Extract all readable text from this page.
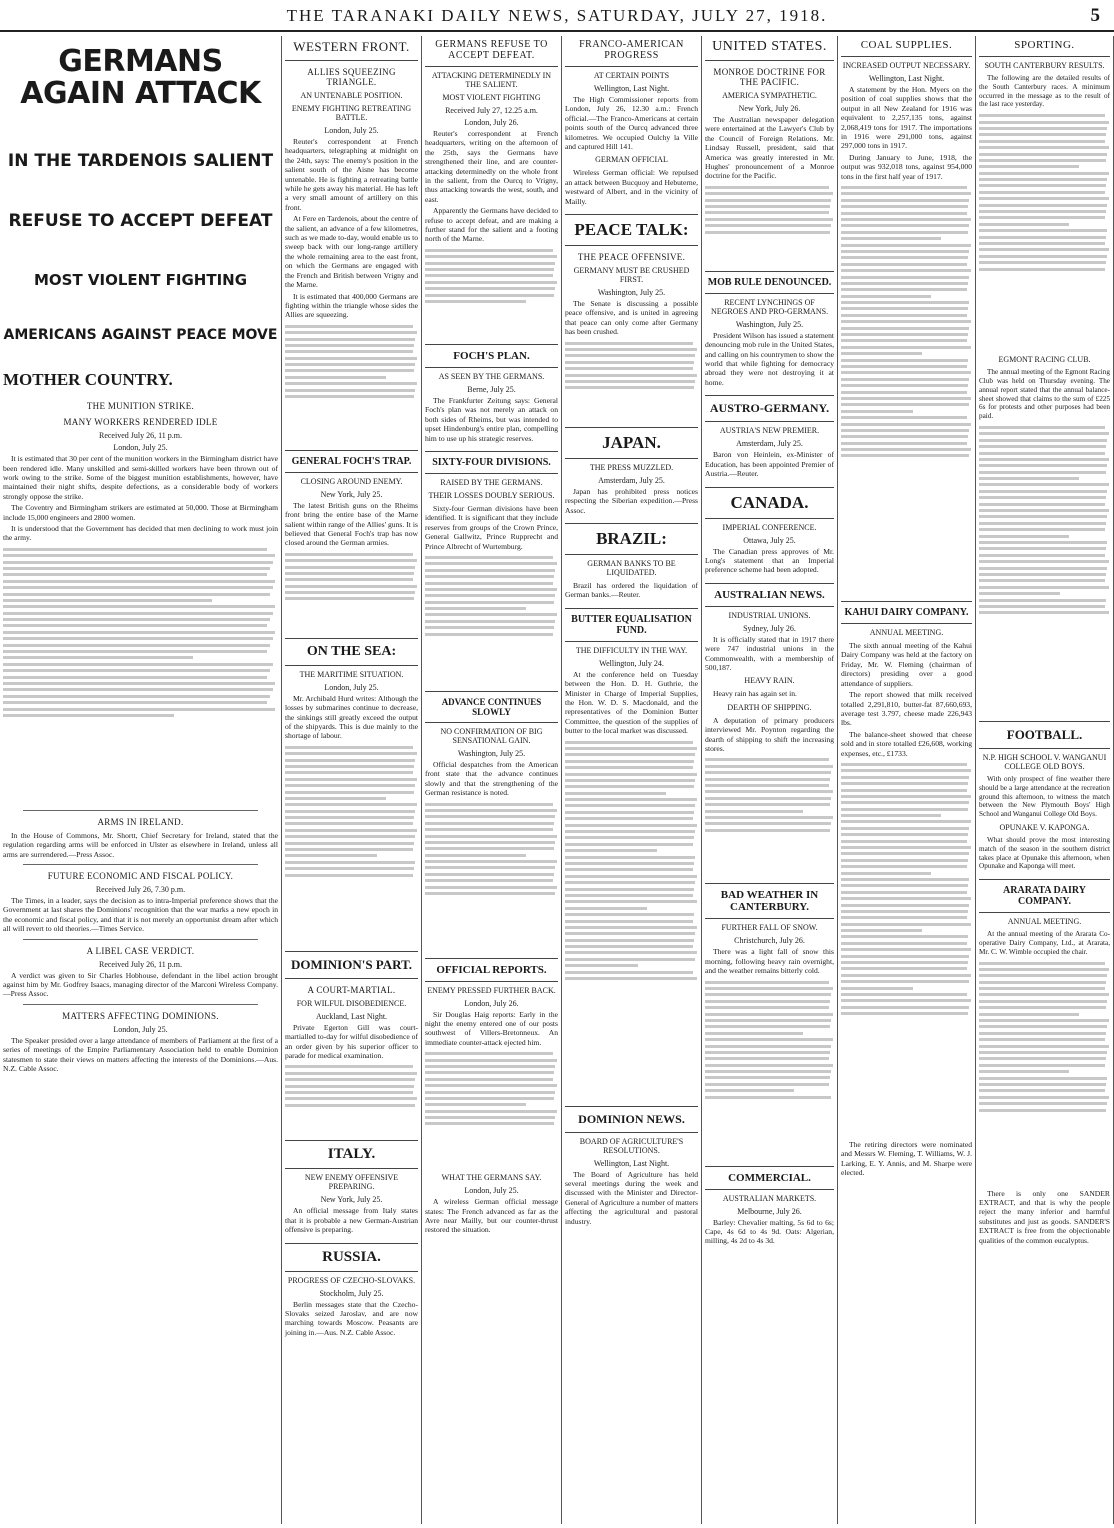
THE TARANAKI DAILY NEWS, SATURDAY, JULY 27, 1918.	5
GERMANS AGAIN ATTACK
IN THE TARDENOIS SALIENT
REFUSE TO ACCEPT DEFEAT
MOST VIOLENT FIGHTING
AMERICANS AGAINST PEACE MOVE
MOTHER COUNTRY.
THE MUNITION STRIKE.
MANY WORKERS RENDERED IDLE
Received July 26, 11 p.m.
London, July 25.

It is estimated that 30 per cent of the munition workers in the Birmingham district have been rendered idle. Many unskilled and semi-skilled workers have been thrown out of work owing to the strike. Some of the biggest munition establishments, however, have maintained their night shifts, despite defections, as a considerable body of workers strongly oppose the strike.

The Coventry and Birmingham strikers are estimated at 50,000. Those at Birmingham include 15,000 engineers and 2800 women.

It is understood that the Government has decided that men declining to work must join the army.

ARMS IN IRELAND.

In the House of Commons, Mr. Shortt, Chief Secretary for Ireland, stated that the regulation regarding arms will be enforced in Ulster as elsewhere in Ireland, unless all arms are surrendered.—Press Assoc.

FUTURE ECONOMIC AND FISCAL POLICY.
Received July 26, 7.30 p.m.

The Times, in a leader, says the decision as to intra-Imperial preference shows that the Government at last shares the Dominions' recognition that the war marks a new epoch in the economic and fiscal policy, and that it is not merely an opportunist dream after which all will revert to old theories.—Times Service.

A LIBEL CASE VERDICT.
Received July 26, 11 p.m.

A verdict was given to Sir Charles Hobhouse, defendant in the libel action brought against him by Mr. Godfrey Isaacs, managing director of the Marconi Wireless Company.—Press Assoc.

MATTERS AFFECTING DOMINIONS.
London, July 25.

The Speaker presided over a large attendance of members of Parliament at the first of a series of meetings of the Empire Parliamentary Association held to enable Dominion statesmen to state their views on matters affecting the interests of the Dominions.—Aus. N.Z. Cable Assoc.

WESTERN FRONT.
ALLIES SQUEEZING TRIANGLE.
AN UNTENABLE POSITION.
ENEMY FIGHTING RETREATING BATTLE.
London, July 25.

Reuter's correspondent at French headquarters, telegraphing at midnight on the 24th, says: The enemy's position in the salient south of the Aisne has become untenable. He is fighting a retreating battle while he gets away his material. He has left a very small amount of artillery on this front.

At Fere en Tardenois, about the centre of the salient, an advance of a few kilometres, such as we made to-day, would enable us to sweep back with our long-range artillery the whole remaining area to the east front, on which the Germans are engaged with the French and British between Vrigny and the Marne.

It is estimated that 400,000 Germans are fighting within the triangle whose sides the Allies are squeezing.

GENERAL FOCH'S TRAP.
CLOSING AROUND ENEMY.
New York, July 25.

The latest British guns on the Rheims front bring the entire base of the Marne salient within range of the Allies' guns. It is believed that General Foch's trap has now closed around the German armies.

ON THE SEA:
THE MARITIME SITUATION.
London, July 25.

Mr. Archibald Hurd writes: Although the losses by submarines continue to decrease, the sinkings still greatly exceed the output of the shipyards. This is due mainly to the shortage of labour.

DOMINION'S PART.
A COURT-MARTIAL.
FOR WILFUL DISOBEDIENCE.
Auckland, Last Night.

Private Egerton Gill was court-martialled to-day for wilful disobedience of an order given by his superior officer to parade for medical examination.

ITALY.
NEW ENEMY OFFENSIVE PREPARING.
New York, July 25.

An official message from Italy states that it is probable a new German-Austrian offensive is preparing.

RUSSIA.
PROGRESS OF CZECHO-SLOVAKS.
Stockholm, July 25.

Berlin messages state that the Czecho-Slovaks seized Jaroslav, and are now marching towards Moscow. Peasants are joining in.—Aus. N.Z. Cable Assoc.

GERMANS REFUSE TO ACCEPT DEFEAT.
ATTACKING DETERMINEDLY IN THE SALIENT.
MOST VIOLENT FIGHTING
Received July 27, 12.25 a.m.
London, July 26.

Reuter's correspondent at French headquarters, writing on the afternoon of the 25th, says the Germans have strengthened their line, and are counter-attacking determinedly on the whole front in the salient, from the Ourcq to Vrigny, thus attacking towards the west, south, and east.

Apparently the Germans have decided to refuse to accept defeat, and are making a further stand for the salient and a footing north of the Marne.

FOCH'S PLAN.
AS SEEN BY THE GERMANS.
Berne, July 25.

The Frankfurter Zeitung says: General Foch's plan was not merely an attack on both sides of Rheims, but was intended to upset Hindenburg's entire plan, compelling him to use up his strategic reserves.

SIXTY-FOUR DIVISIONS.
RAISED BY THE GERMANS.
THEIR LOSSES DOUBLY SERIOUS.

Sixty-four German divisions have been identified. It is significant that they include reserves from groups of the Crown Prince, General Gallwitz, Prince Rupprecht and Prince Albrecht of Wurtemburg.

ADVANCE CONTINUES SLOWLY
NO CONFIRMATION OF BIG SENSATIONAL GAIN.
Washington, July 25.

Official despatches from the American front state that the advance continues slowly and that the strengthening of the German resistance is noted.

OFFICIAL REPORTS.
ENEMY PRESSED FURTHER BACK.
London, July 26.

Sir Douglas Haig reports: Early in the night the enemy entered one of our posts southwest of Villers-Bretonneux. An immediate counter-attack ejected him.

WHAT THE GERMANS SAY.
London, July 25.

A wireless German official message states: The French advanced as far as the Avre near Mailly, but our counter-thrust restored the situation.

FRANCO-AMERICAN PROGRESS
AT CERTAIN POINTS
Wellington, Last Night.

The High Commissioner reports from London, July 26, 12.30 a.m.: French official.—The Franco-Americans at certain points south of the Ourcq advanced three kilometres. We occupied Oulchy la Ville and captured Hill 141.

GERMAN OFFICIAL

Wireless German official: We repulsed an attack between Bucquoy and Hebuterne, westward of Albert, and in the vicinity of Mailly.

PEACE TALK:
THE PEACE OFFENSIVE.
GERMANY MUST BE CRUSHED FIRST.
Washington, July 25.

The Senate is discussing a possible peace offensive, and is united in agreeing that peace can only come after Germany has been crushed.

JAPAN.
THE PRESS MUZZLED.
Amsterdam, July 25.

Japan has prohibited press notices respecting the Siberian expedition.—Press Assoc.

BRAZIL:
GERMAN BANKS TO BE LIQUIDATED.

Brazil has ordered the liquidation of German banks.—Reuter.

BUTTER EQUALISATION FUND.
THE DIFFICULTY IN THE WAY.
Wellington, July 24.

At the conference held on Tuesday between the Hon. D. H. Guthrie, the Minister in Charge of Imperial Supplies, the Hon. W. D. S. Macdonald, and the representatives of the Dominion Butter Committee, the question of the supplies of butter to the local market was discussed.

DOMINION NEWS.
BOARD OF AGRICULTURE'S RESOLUTIONS.
Wellington, Last Night.

The Board of Agriculture has held several meetings during the week and discussed with the Minister and Director-General of Agriculture a number of matters affecting the agricultural and pastoral industry.

UNITED STATES.
MONROE DOCTRINE FOR THE PACIFIC.
AMERICA SYMPATHETIC.
New York, July 26.

The Australian newspaper delegation were entertained at the Lawyer's Club by the Council of Foreign Relations. Mr. Lindsay Russell, president, said that America was greatly interested in Mr. Hughes' pronouncement of a Monroe doctrine for the Pacific.

MOB RULE DENOUNCED.
RECENT LYNCHINGS OF NEGROES AND PRO-GERMANS.
Washington, July 25.

President Wilson has issued a statement denouncing mob rule in the United States, and calling on his countrymen to show the world that while fighting for democracy abroad they were not destroying it at home.

AUSTRO-GERMANY.
AUSTRIA'S NEW PREMIER.
Amsterdam, July 25.

Baron von Heinlein, ex-Minister of Education, has been appointed Premier of Austria.—Reuter.

CANADA.
IMPERIAL CONFERENCE.
Ottawa, July 25.

The Canadian press approves of Mr. Long's statement that an Imperial preference scheme had been adopted.

AUSTRALIAN NEWS.
INDUSTRIAL UNIONS.
Sydney, July 26.

It is officially stated that in 1917 there were 747 industrial unions in the Commonwealth, with a membership of 500,187.

HEAVY RAIN.

Heavy rain has again set in.

DEARTH OF SHIPPING.

A deputation of primary producers interviewed Mr. Poynton regarding the dearth of shipping to shift the increasing stores.

BAD WEATHER IN CANTERBURY.
FURTHER FALL OF SNOW.
Christchurch, July 26.

There was a light fall of snow this morning, following heavy rain overnight, and the weather remains bitterly cold.

COMMERCIAL.
AUSTRALIAN MARKETS.
Melbourne, July 26.

Barley: Chevalier malting, 5s 6d to 6s; Cape, 4s 6d to 4s 9d. Oats: Algerian, milling, 4s 2d to 4s 3d.

COAL SUPPLIES.
INCREASED OUTPUT NECESSARY.
Wellington, Last Night.

A statement by the Hon. Myers on the position of coal supplies shows that the output in all New Zealand for 1916 was equivalent to 2,257,135 tons, against 2,068,419 tons for 1917. The importations in 1916 were 291,000 tons, against 297,000 tons in 1917.

During January to June, 1918, the output was 932,018 tons, against 954,000 tons in the first half year of 1917.

KAHUI DAIRY COMPANY.
ANNUAL MEETING.

The sixth annual meeting of the Kahui Dairy Company was held at the factory on Friday, Mr. W. Fleming (chairman of directors) presiding over a good attendance of suppliers.

The report showed that milk received totalled 2,291,810, butter-fat 87,660,693, average test 3.797, cheese made 226,943 lbs.

The balance-sheet showed that cheese sold and in store totalled £26,608, working expenses, etc., £1733.

The retiring directors were nominated and Messrs W. Fleming, T. Williams, W. J. Larking, E. Y. Annis, and M. Sharpe were elected.

SPORTING.
SOUTH CANTERBURY RESULTS.

The following are the detailed results of the South Canterbury races. A minimum occurred in the message as to the result of the last race yesterday.

EGMONT RACING CLUB.

The annual meeting of the Egmont Racing Club was held on Thursday evening. The annual report stated that the annual balance-sheet showed that claims to the sum of £225 6s for protests and other purposes had been paid.

FOOTBALL.
N.P. HIGH SCHOOL V. WANGANUI COLLEGE OLD BOYS.

With only prospect of fine weather there should be a large attendance at the recreation ground this afternoon, to witness the match between the New Plymouth Boys' High School and Wanganui College Old Boys.

OPUNAKE V. KAPONGA.

What should prove the most interesting match of the season in the southern district takes place at Opunake this afternoon, when Opunake and Kaponga will meet.

ARARATA DAIRY COMPANY.
ANNUAL MEETING.

At the annual meeting of the Ararata Co-operative Dairy Company, Ltd., at Ararata, Mr. C. W. Wimble occupied the chair.

There is only one SANDER EXTRACT, and that is why the people reject the many inferior and harmful substitutes and just as goods. SANDER'S EXTRACT is free from the objectionable qualities of the common eucalyptus.
